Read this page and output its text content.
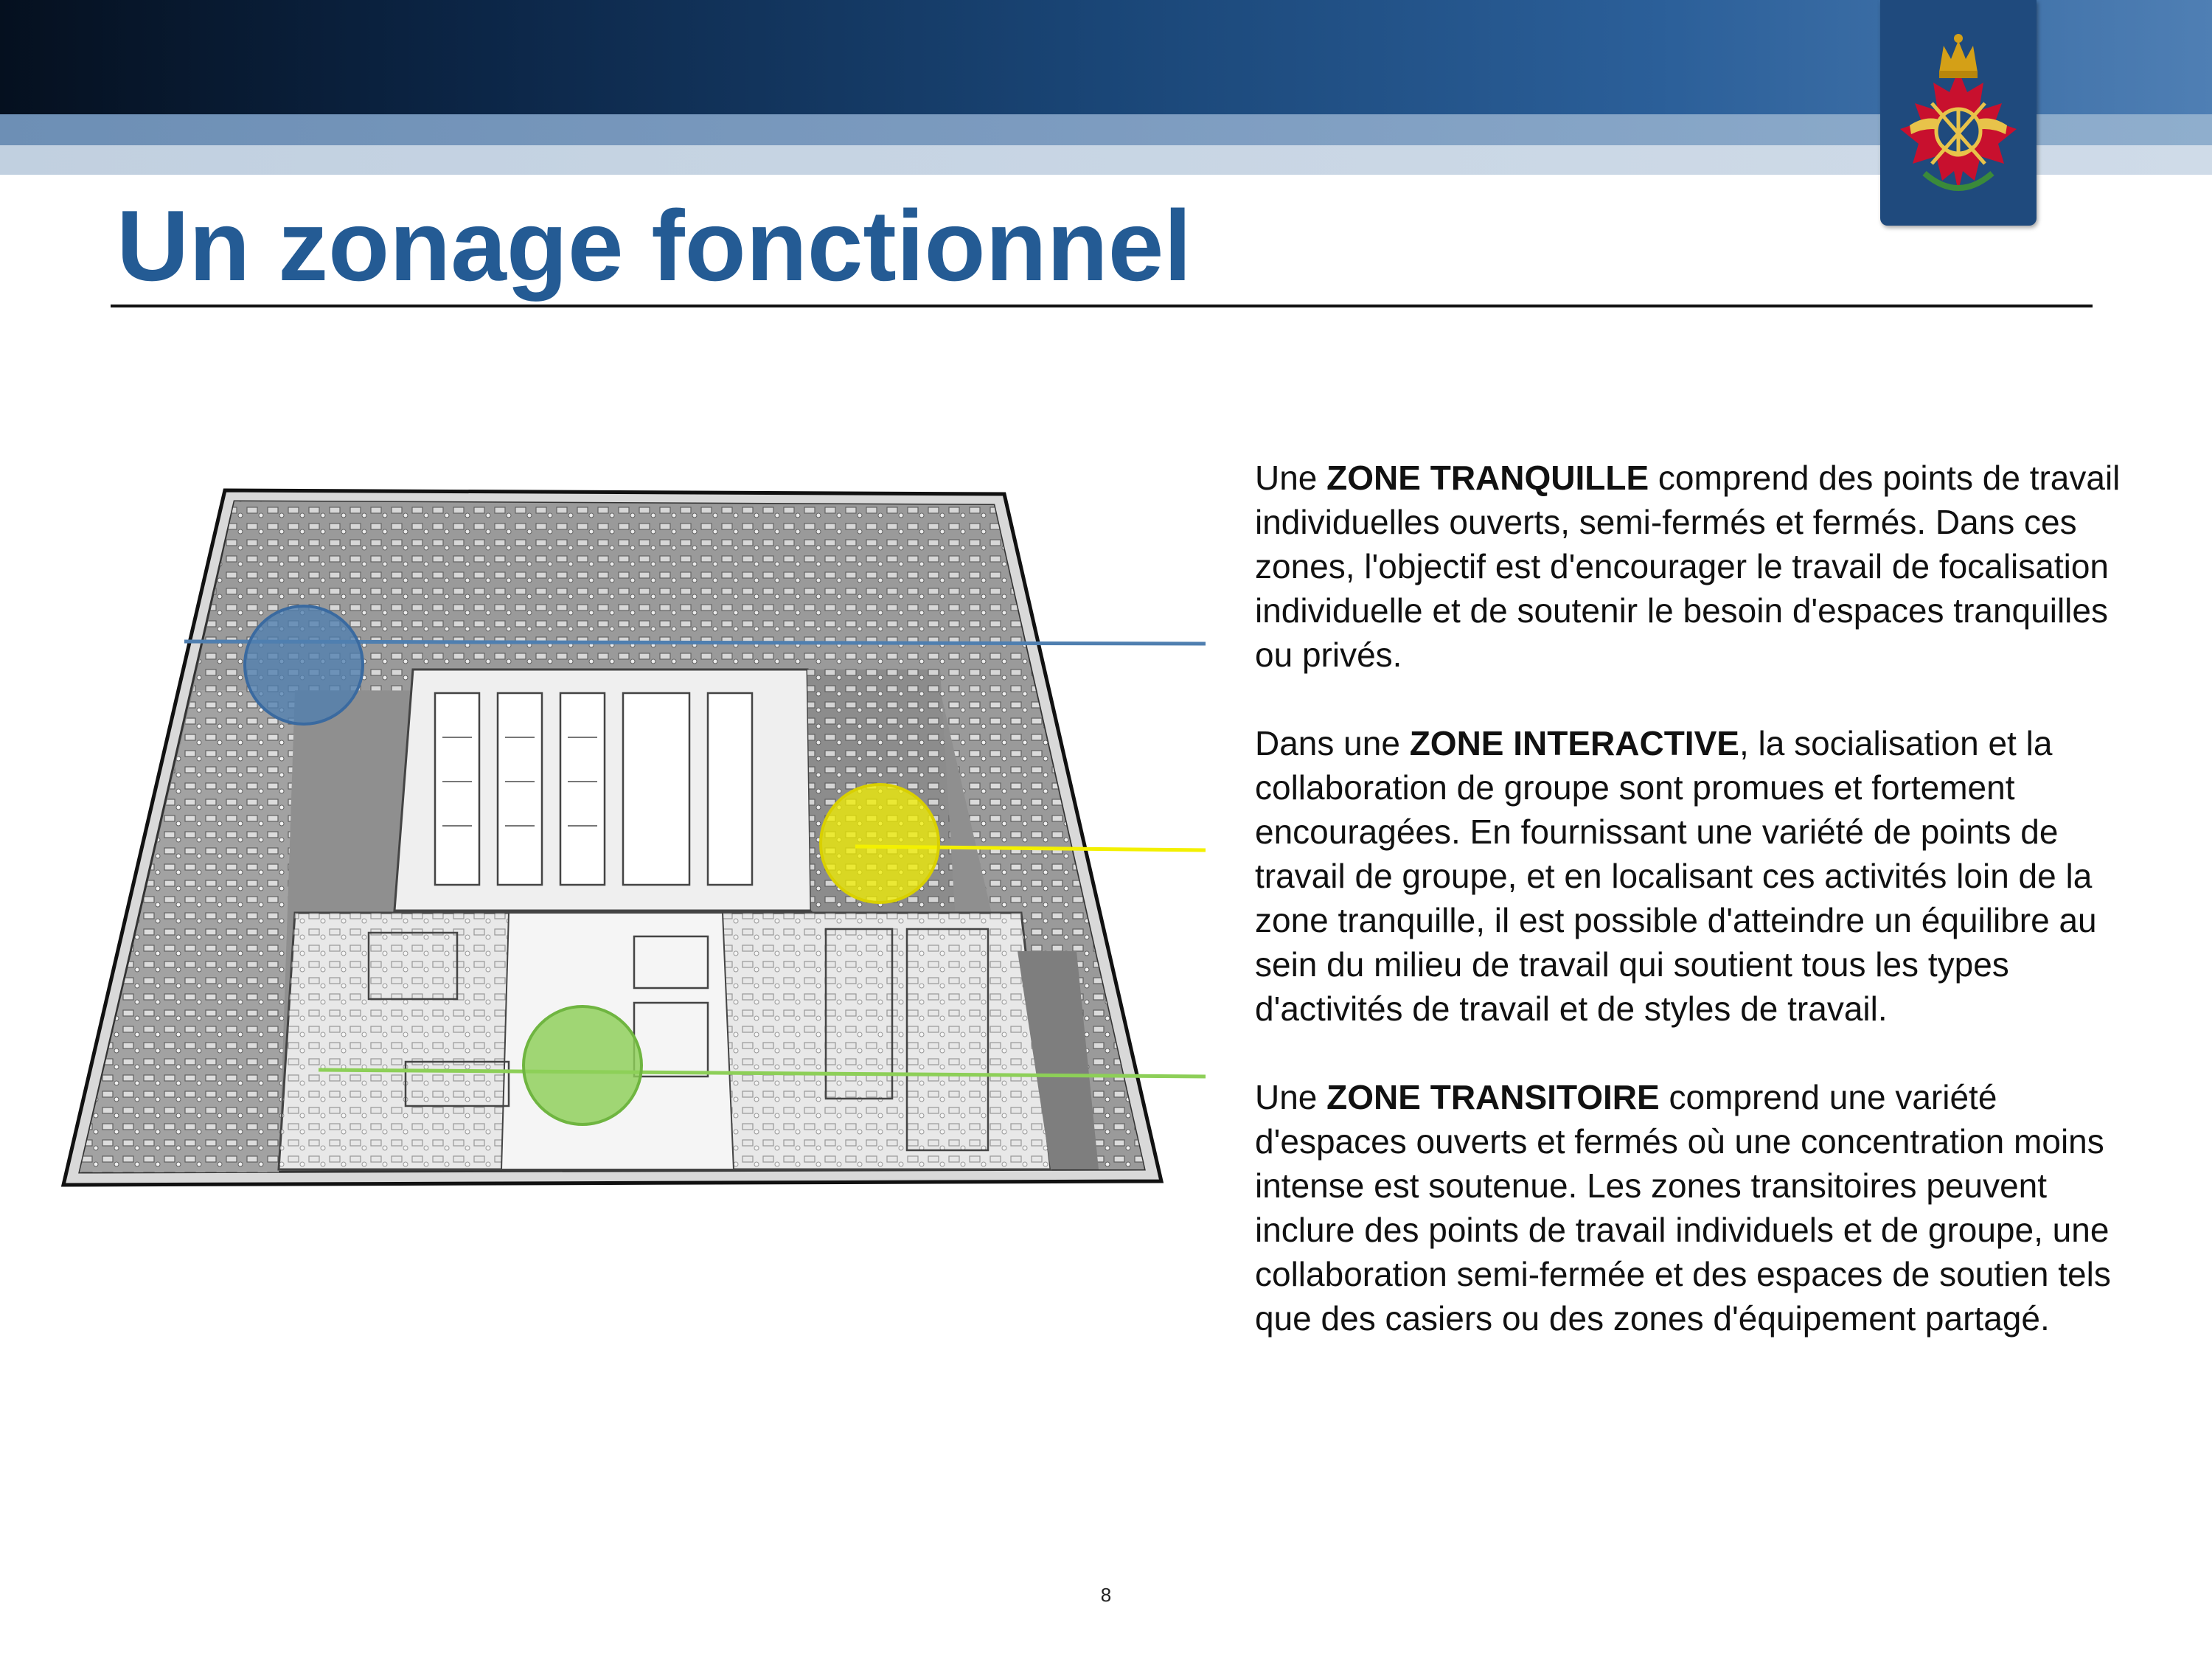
Un zonage fonctionnel

Une ZONE TRANQUILLE comprend des points de travail individuelles ouverts, semi-fermés et fermés. Dans ces zones, l'objectif est d'encourager le travail de focalisation individuelle et de soutenir le besoin d'espaces tranquilles ou privés.

Dans une ZONE INTERACTIVE, la socialisation et la collaboration de groupe sont promues et fortement encouragées. En fournissant une variété de points de travail de groupe, et en localisant ces activités loin de la zone tranquille, il est possible d'atteindre un équilibre au sein du milieu de travail qui soutient tous les types d'activités de travail et de styles de travail.

Une ZONE TRANSITOIRE comprend une variété d'espaces ouverts et fermés où une concentration moins intense est soutenue. Les zones transitoires peuvent inclure des points de travail individuels et de groupe, une collaboration semi-fermée et des espaces de soutien tels que des casiers ou des zones d'équipement partagé.

8
